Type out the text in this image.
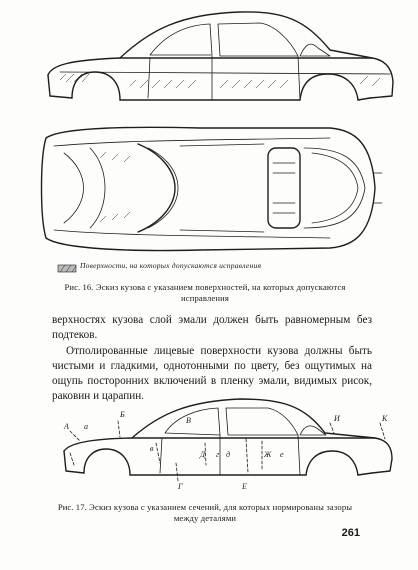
Поверхности, на которых допускаются исправления
Рис. 16. Эскиз кузова с указанием поверхностей, на которых допускаются
исправления

верхностях кузова слой эмали должен быть равномерным без подтеков.

Отполированные лицевые поверхности кузова должны быть чистыми и гладкими, однотонными по цвету, без ощутимых на ощупь посторонних включений в пленку эмали, видимых рисок, раковин и царапин.

А
Б
В
Г
Д
Е
Ж
И	К
а
в
г д	е
Рис. 17. Эскиз кузова с указанием сечений, для которых нормированы зазоры
между деталями
261
